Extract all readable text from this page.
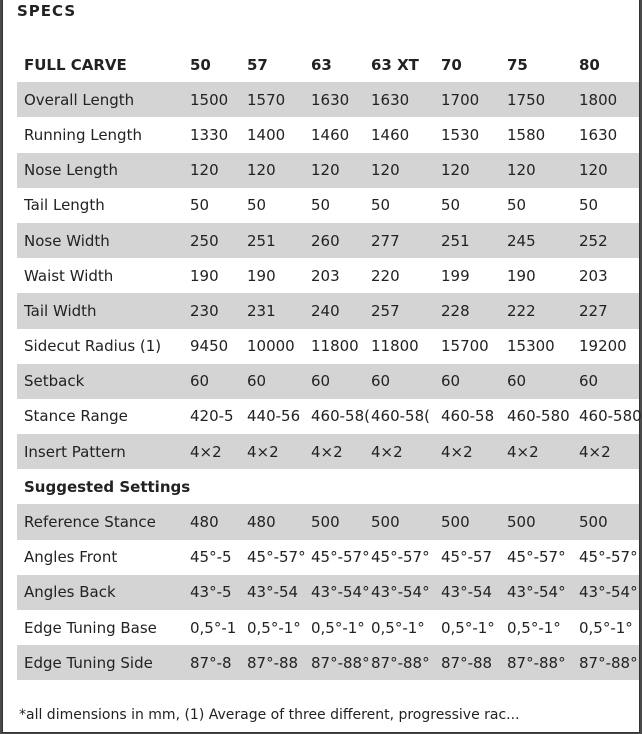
SPECS
FULL CARVE	50	57	63	63 XT	70	75	80
Overall Length	1500	1570	1630	1630	1700	1750	1800
Running Length	1330	1400	1460	1460	1530	1580	1630
Nose Length	120	120	120	120	120	120	120
Tail Length	50	50	50	50	50	50	50
Nose Width	250	251	260	277	251	245	252
Waist Width	190	190	203	220	199	190	203
Tail Width	230	231	240	257	228	222	227
Sidecut Radius (1)	9450	10000	11800	11800	15700	15300	19200
Setback	60	60	60	60	60	60	60
Stance Range	420-5	440-56	460-58(	460-58(	460-58	460-580	460-580
Insert Pattern	4×2	4×2	4×2	4×2	4×2	4×2	4×2
Suggested Settings							
Reference Stance	480	480	500	500	500	500	500
Angles Front	45°-5	45°-57°	45°-57°	45°-57°	45°-57	45°-57°	45°-57°
Angles Back	43°-5	43°-54	43°-54°	43°-54°	43°-54	43°-54°	43°-54°
Edge Tuning Base	0,5°-1	0,5°-1°	0,5°-1°	0,5°-1°	0,5°-1°	0,5°-1°	0,5°-1°
Edge Tuning Side	87°-8	87°-88	87°-88°	87°-88°	87°-88	87°-88°	87°-88°
*all dimensions in mm, (1) Average of three different, progressive rac...
